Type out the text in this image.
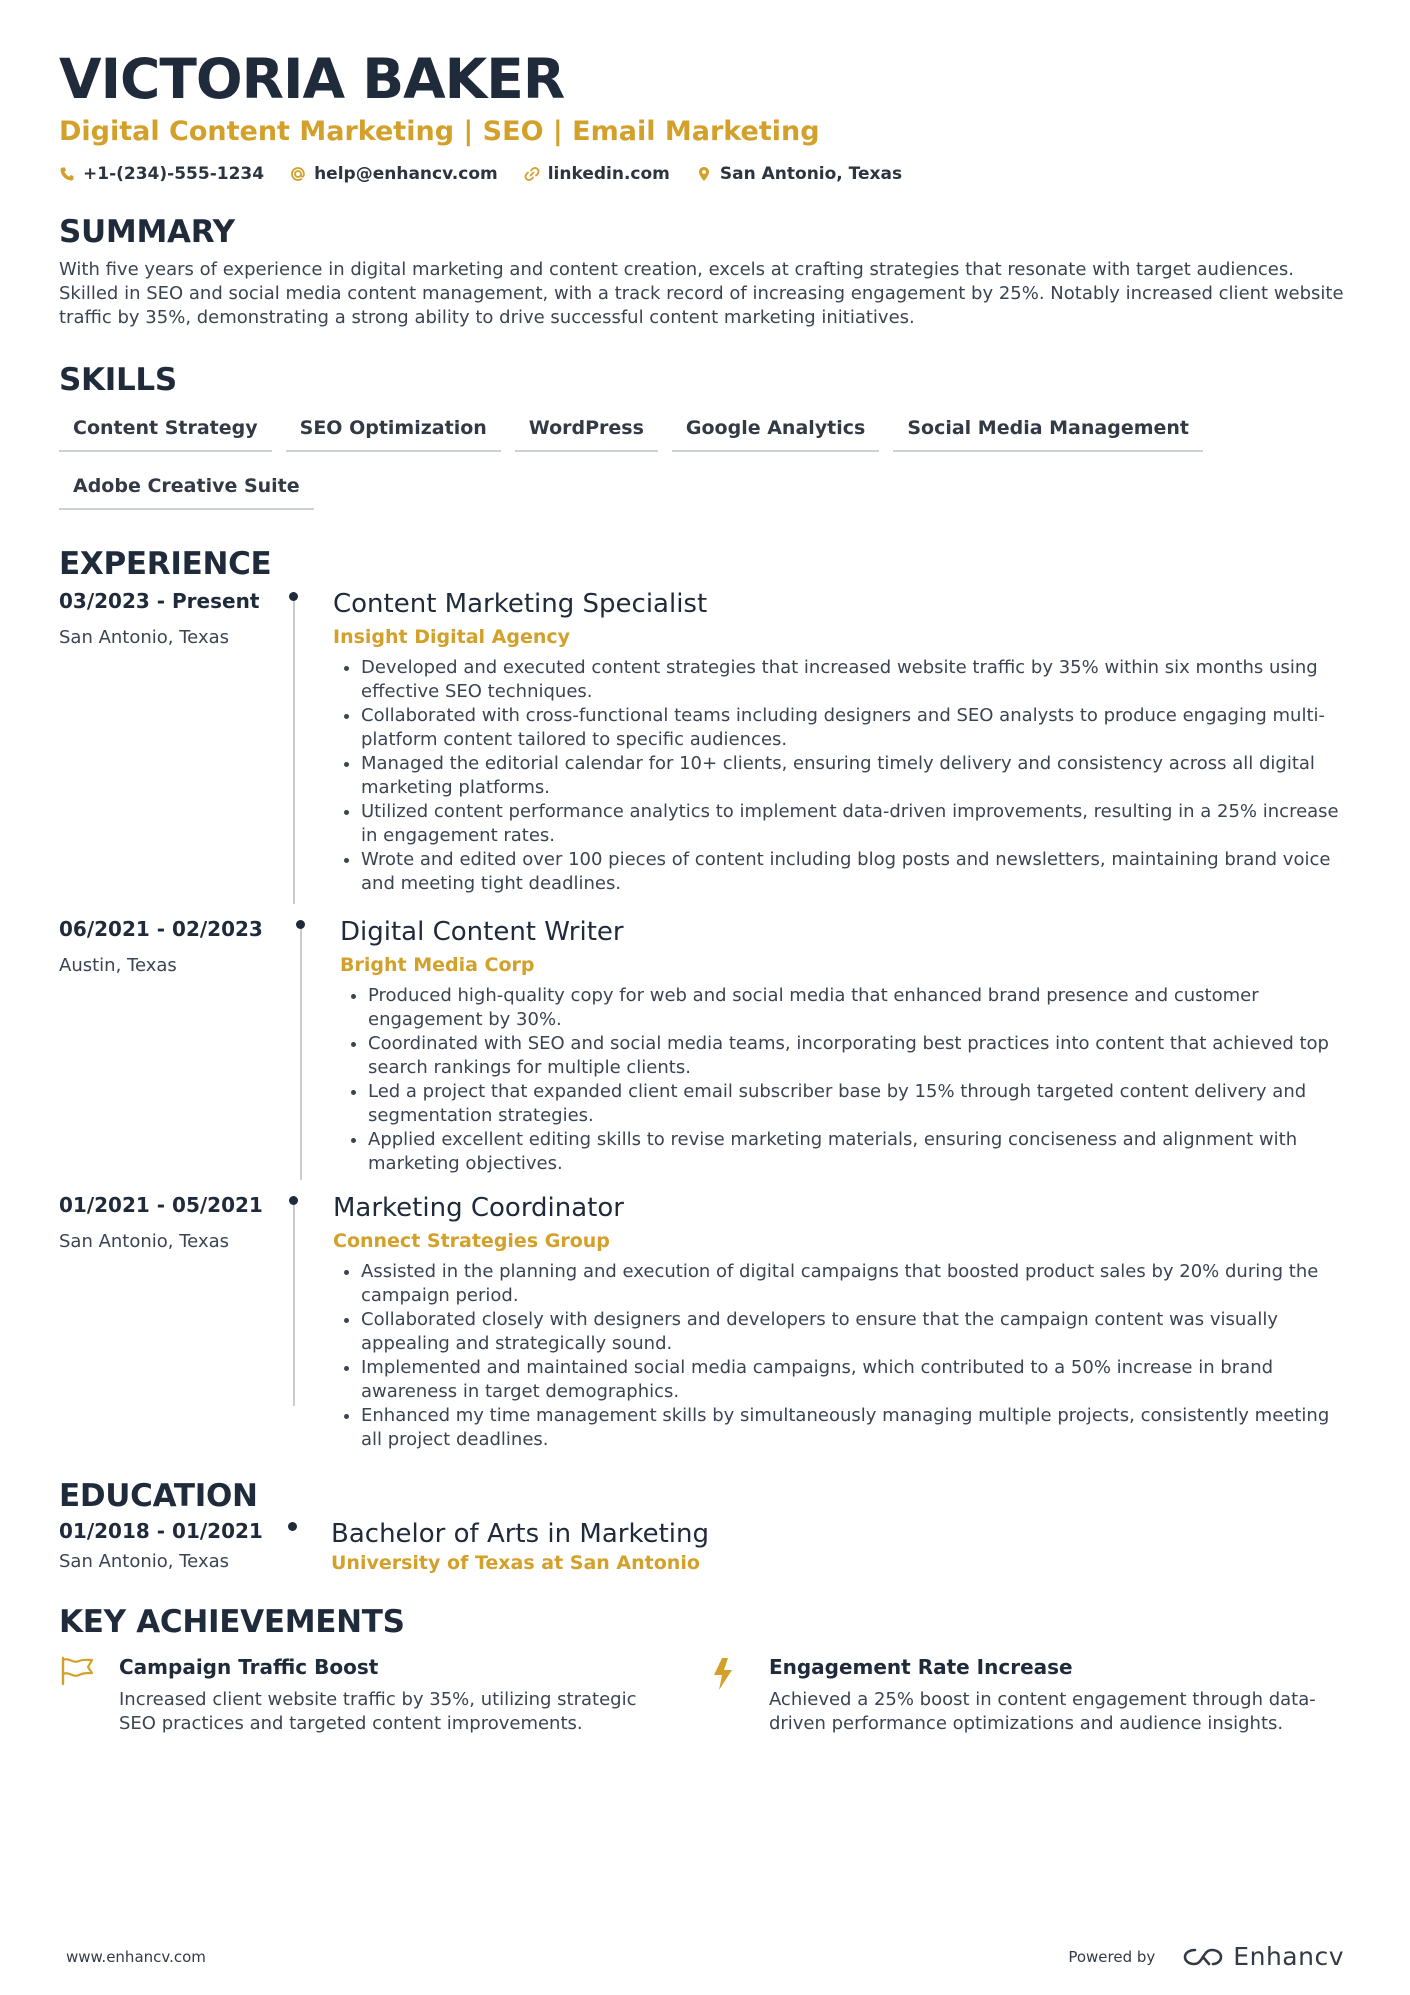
VICTORIA BAKER
Digital Content Marketing | SEO | Email Marketing
+1-(234)-555-1234	help@enhancv.com	linkedin.com	San Antonio, Texas
SUMMARY

With five years of experience in digital marketing and content creation, excels at crafting strategies that resonate with target audiences. Skilled in SEO and social media content management, with a track record of increasing engagement by 25%. Notably increased client website traffic by 35%, demonstrating a strong ability to drive successful content marketing initiatives.

SKILLS
Content Strategy	SEO Optimization	WordPress	Google Analytics	Social Media Management
Adobe Creative Suite
EXPERIENCE
03/2023 - Present
San Antonio, Texas
Content Marketing Specialist
Insight Digital Agency
• Developed and executed content strategies that increased website traffic by 35% within six months using effective SEO techniques.
• Collaborated with cross-functional teams including designers and SEO analysts to produce engaging multi-platform content tailored to specific audiences.
• Managed the editorial calendar for 10+ clients, ensuring timely delivery and consistency across all digital marketing platforms.
• Utilized content performance analytics to implement data-driven improvements, resulting in a 25% increase in engagement rates.
• Wrote and edited over 100 pieces of content including blog posts and newsletters, maintaining brand voice and meeting tight deadlines.
06/2021 - 02/2023
Austin, Texas
Digital Content Writer
Bright Media Corp
• Produced high-quality copy for web and social media that enhanced brand presence and customer engagement by 30%.
• Coordinated with SEO and social media teams, incorporating best practices into content that achieved top search rankings for multiple clients.
• Led a project that expanded client email subscriber base by 15% through targeted content delivery and segmentation strategies.
• Applied excellent editing skills to revise marketing materials, ensuring conciseness and alignment with marketing objectives.
01/2021 - 05/2021
San Antonio, Texas
Marketing Coordinator
Connect Strategies Group
• Assisted in the planning and execution of digital campaigns that boosted product sales by 20% during the campaign period.
• Collaborated closely with designers and developers to ensure that the campaign content was visually appealing and strategically sound.
• Implemented and maintained social media campaigns, which contributed to a 50% increase in brand awareness in target demographics.
• Enhanced my time management skills by simultaneously managing multiple projects, consistently meeting all project deadlines.
EDUCATION
01/2018 - 01/2021
San Antonio, Texas
Bachelor of Arts in Marketing
University of Texas at San Antonio
KEY ACHIEVEMENTS
Campaign Traffic Boost
Increased client website traffic by 35%, utilizing strategic SEO practices and targeted content improvements.
Engagement Rate Increase
Achieved a 25% boost in content engagement through data-driven performance optimizations and audience insights.
www.enhancv.com	Powered by	Enhancv
